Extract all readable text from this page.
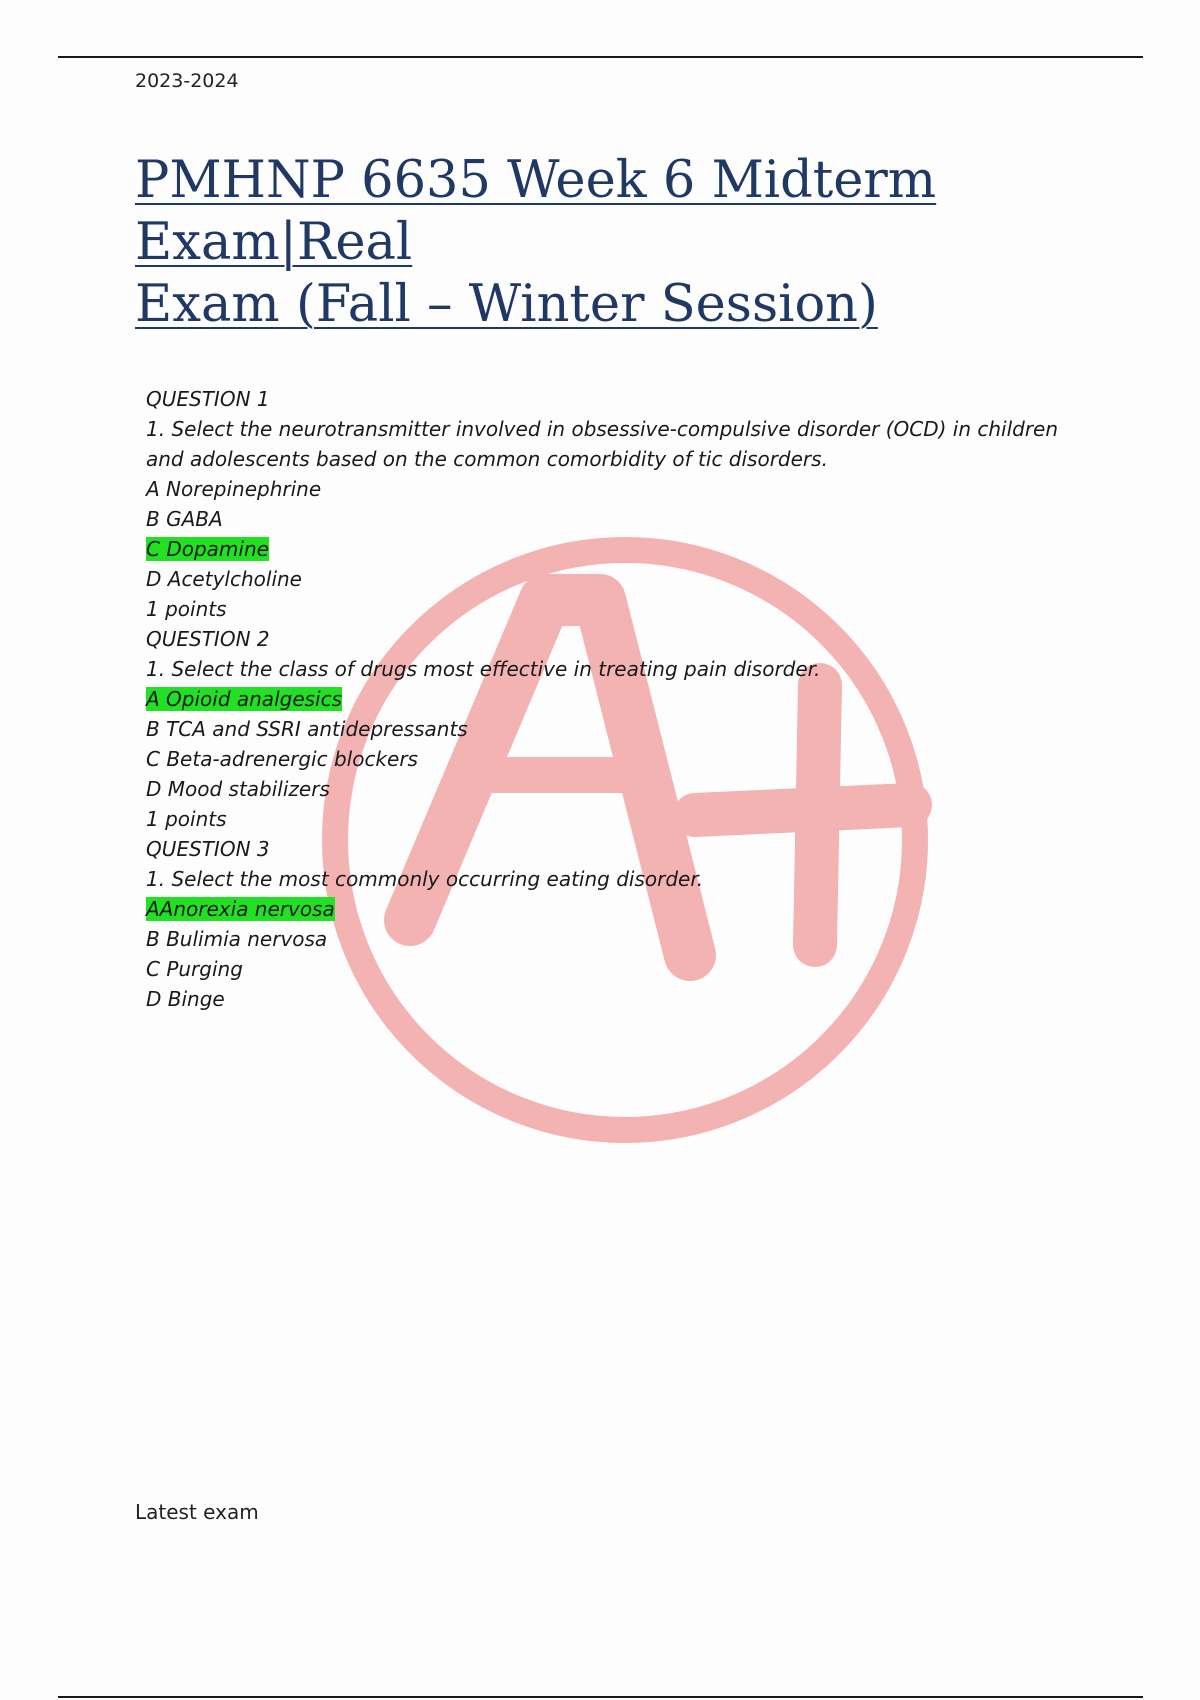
2023-2024
PMHNP 6635 Week 6 Midterm Exam|Real
Exam (Fall – Winter Session)
QUESTION 1
1. Select the neurotransmitter involved in obsessive-compulsive disorder (OCD) in children and adolescents based on the common comorbidity of tic disorders.
A Norepinephrine
B GABA
C Dopamine
D Acetylcholine
1 points
QUESTION 2
1. Select the class of drugs most effective in treating pain disorder.
A Opioid analgesics
B TCA and SSRI antidepressants
C Beta-adrenergic blockers
D Mood stabilizers
1 points
QUESTION 3
1. Select the most commonly occurring eating disorder.
AAnorexia nervosa
B Bulimia nervosa
C Purging
D Binge
Latest exam
